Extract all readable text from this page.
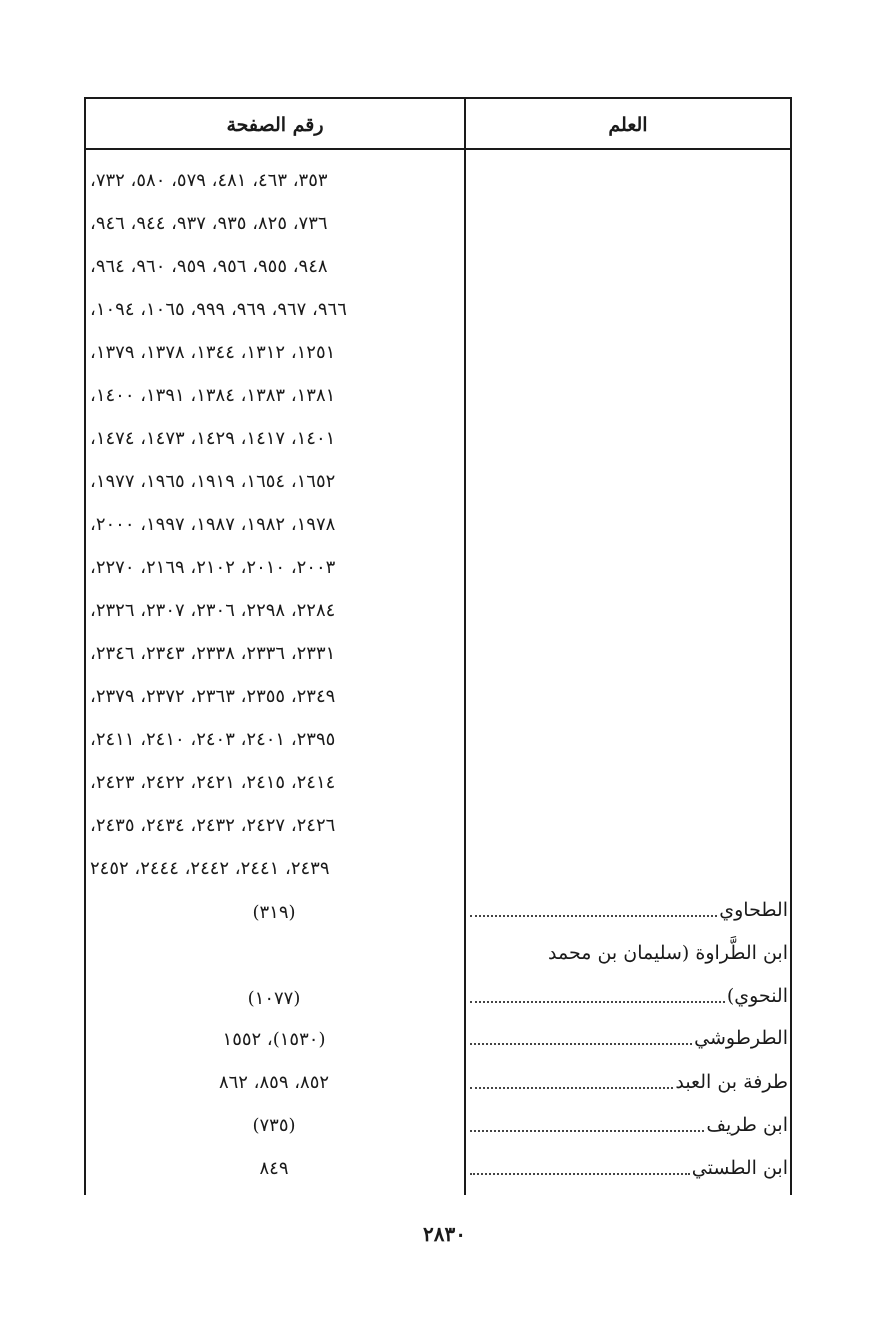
العلم
رقم الصفحة
٣٥٣، ٤٦٣، ٤٨١، ٥٧٩، ٥٨٠، ٧٣٢،
٧٣٦، ٨٢٥، ٩٣٥، ٩٣٧، ٩٤٤، ٩٤٦،
٩٤٨، ٩٥٥، ٩٥٦، ٩٥٩، ٩٦٠، ٩٦٤،
٩٦٦، ٩٦٧، ٩٦٩، ٩٩٩، ١٠٦٥، ١٠٩٤،
١٢٥١، ١٣١٢، ١٣٤٤، ١٣٧٨، ١٣٧٩،
١٣٨١، ١٣٨٣، ١٣٨٤، ١٣٩١، ١٤٠٠،
١٤٠١، ١٤١٧، ١٤٢٩، ١٤٧٣، ١٤٧٤،
١٦٥٢، ١٦٥٤، ١٩١٩، ١٩٦٥، ١٩٧٧،
١٩٧٨، ١٩٨٢، ١٩٨٧، ١٩٩٧، ٢٠٠٠،
٢٠٠٣، ٢٠١٠، ٢١٠٢، ٢١٦٩، ٢٢٧٠،
٢٢٨٤، ٢٢٩٨، ٢٣٠٦، ٢٣٠٧، ٢٣٢٦،
٢٣٣١، ٢٣٣٦، ٢٣٣٨، ٢٣٤٣، ٢٣٤٦،
٢٣٤٩، ٢٣٥٥، ٢٣٦٣، ٢٣٧٢، ٢٣٧٩،
٢٣٩٥، ٢٤٠١، ٢٤٠٣، ٢٤١٠، ٢٤١١،
٢٤١٤، ٢٤١٥، ٢٤٢١، ٢٤٢٢، ٢٤٢٣،
٢٤٢٦، ٢٤٢٧، ٢٤٣٢، ٢٤٣٤، ٢٤٣٥،
٢٤٣٩، ٢٤٤١، ٢٤٤٢، ٢٤٤٤، ٢٤٥٢
الطحاوي
(٣١٩)
ابن الطَّراوة (سليمان بن محمد
النحوي)
(١٠٧٧)
الطرطوشي
(١٥٣٠)، ١٥٥٢
طرفة بن العبد
٨٥٢، ٨٥٩، ٨٦٢
ابن طريف
(٧٣٥)
ابن الطستي
٨٤٩
٢٨٣٠
